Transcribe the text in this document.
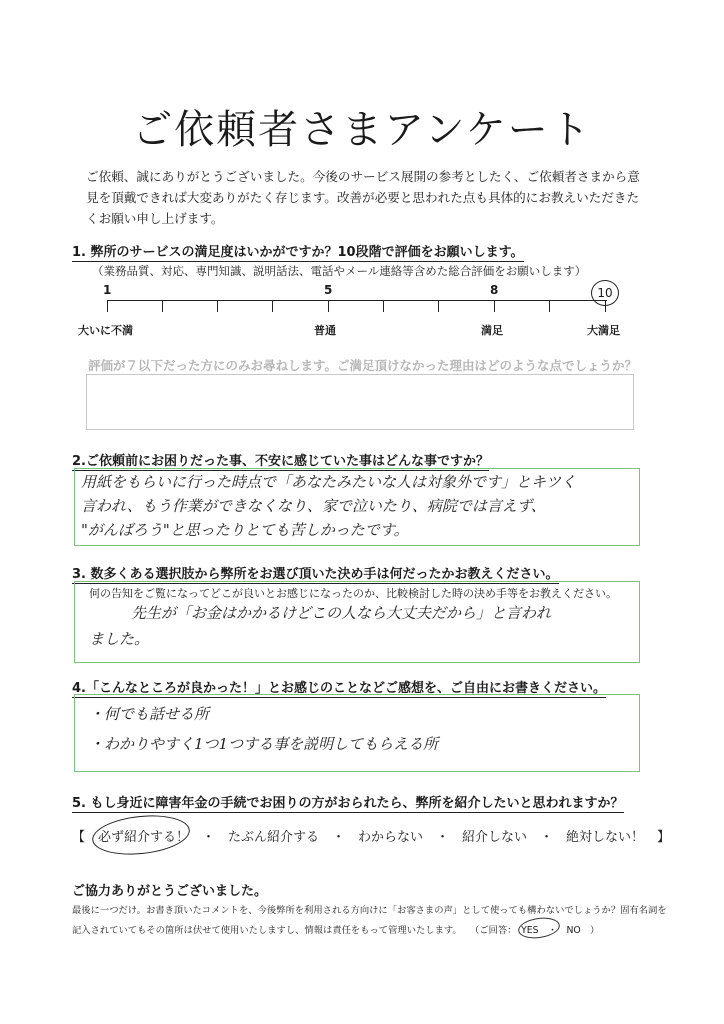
ご依頼者さまアンケート
ご依頼、誠にありがとうございました。今後のサービス展開の参考としたく、ご依頼者さまから意見を頂戴できれば大変ありがたく存じます。改善が必要と思われた点も具体的にお教えいただきたくお願い申し上げます。
1. 弊所のサービスの満足度はいかがですか？10段階で評価をお願いします。
（業務品質、対応、専門知識、説明話法、電話やメール連絡等含めた総合評価をお願いします）
1	5	8	10
大いに不満	普通	満足	大満足
評価が７以下だった方にのみお尋ねします。ご満足頂けなかった理由はどのような点でしょうか？
2.ご依頼前にお困りだった事、不安に感じていた事はどんな事ですか？
用紙をもらいに行った時点で「あなたみたいな人は対象外です」とキツく
言われ、もう作業ができなくなり、家で泣いたり、病院では言えず、
"がんばろう"と思ったりとても苦しかったです。
3. 数多くある選択肢から弊所をお選び頂いた決め手は何だったかお教えください。
何の告知をご覧になってどこが良いとお感じになったのか、比較検討した時の決め手等をお教えください。
先生が「お金はかかるけどこの人なら大丈夫だから」と言われ
ました。
4.「こんなところが良かった！」とお感じのことなどご感想を、ご自由にお書きください。
・何でも話せる所
・わかりやすく1つ1つする事を説明してもらえる所
5. もし身近に障害年金の手続でお困りの方がおられたら、弊所を紹介したいと思われますか？
【　必ず紹介する！　・　たぶん紹介する　・　わからない　・　紹介しない　・　絶対しない！　】
ご協力ありがとうございました。
最後に一つだけ。お書き頂いたコメントを、今後弊所を利用される方向けに「お客さまの声」として使っても構わないでしょうか？固有名詞を
記入されていてもその箇所は伏せて使用いたしますし、情報は責任をもって管理いたします。 （ご回答：　YES　・　NO　）
